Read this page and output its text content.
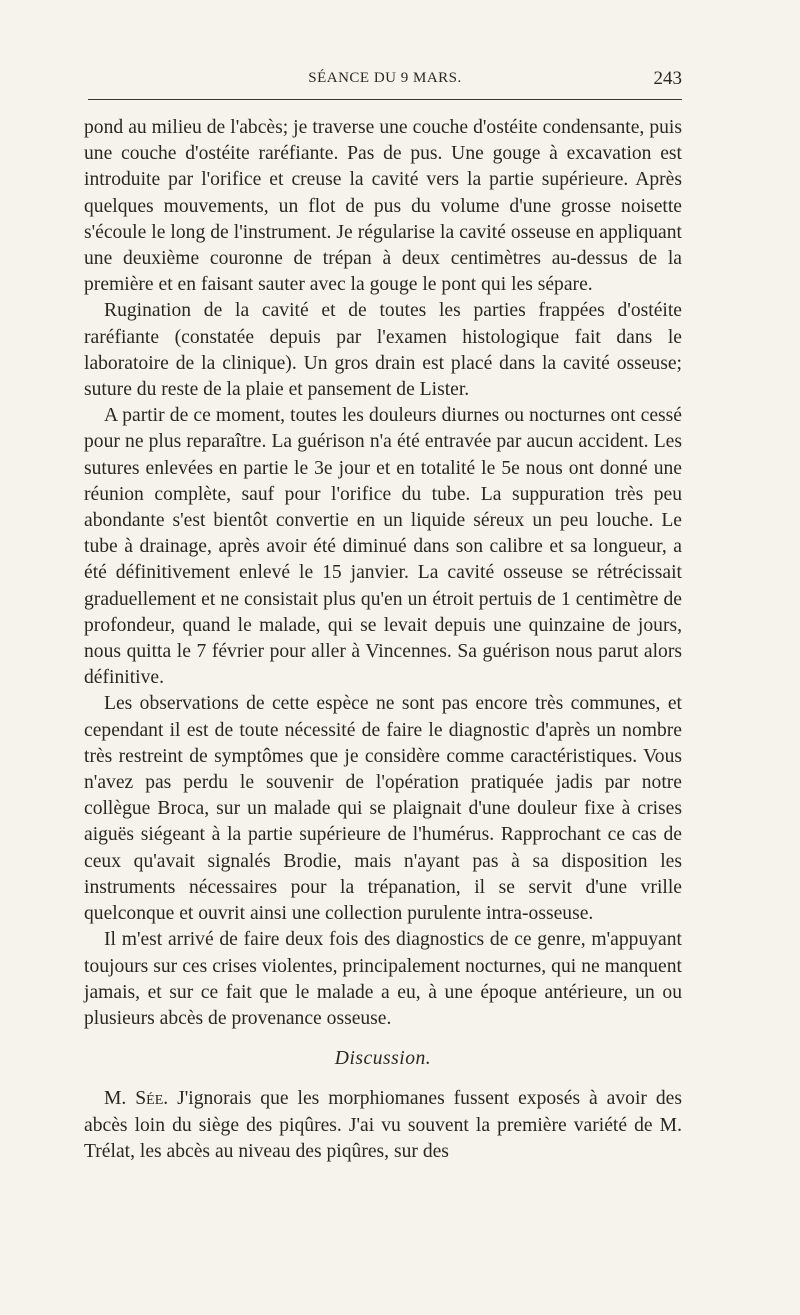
SÉANCE DU 9 MARS.	243

pond au milieu de l'abcès; je traverse une couche d'ostéite condensante, puis une couche d'ostéite raréfiante. Pas de pus. Une gouge à excavation est introduite par l'orifice et creuse la cavité vers la partie supérieure. Après quelques mouvements, un flot de pus du volume d'une grosse noisette s'écoule le long de l'instrument. Je régularise la cavité osseuse en appliquant une deuxième couronne de trépan à deux centimètres au-dessus de la première et en faisant sauter avec la gouge le pont qui les sépare.

Rugination de la cavité et de toutes les parties frappées d'ostéite raréfiante (constatée depuis par l'examen histologique fait dans le laboratoire de la clinique). Un gros drain est placé dans la cavité osseuse; suture du reste de la plaie et pansement de Lister.

A partir de ce moment, toutes les douleurs diurnes ou nocturnes ont cessé pour ne plus reparaître. La guérison n'a été entravée par aucun accident. Les sutures enlevées en partie le 3e jour et en totalité le 5e nous ont donné une réunion complète, sauf pour l'orifice du tube. La suppuration très peu abondante s'est bientôt convertie en un liquide séreux un peu louche. Le tube à drainage, après avoir été diminué dans son calibre et sa longueur, a été définitivement enlevé le 15 janvier. La cavité osseuse se rétrécissait graduellement et ne consistait plus qu'en un étroit pertuis de 1 centimètre de profondeur, quand le malade, qui se levait depuis une quinzaine de jours, nous quitta le 7 février pour aller à Vincennes. Sa guérison nous parut alors définitive.

Les observations de cette espèce ne sont pas encore très communes, et cependant il est de toute nécessité de faire le diagnostic d'après un nombre très restreint de symptômes que je considère comme caractéristiques. Vous n'avez pas perdu le souvenir de l'opération pratiquée jadis par notre collègue Broca, sur un malade qui se plaignait d'une douleur fixe à crises aiguës siégeant à la partie supérieure de l'humérus. Rapprochant ce cas de ceux qu'avait signalés Brodie, mais n'ayant pas à sa disposition les instruments nécessaires pour la trépanation, il se servit d'une vrille quelconque et ouvrit ainsi une collection purulente intra-osseuse.

Il m'est arrivé de faire deux fois des diagnostics de ce genre, m'appuyant toujours sur ces crises violentes, principalement nocturnes, qui ne manquent jamais, et sur ce fait que le malade a eu, à une époque antérieure, un ou plusieurs abcès de provenance osseuse.

Discussion.

M. Sée. J'ignorais que les morphiomanes fussent exposés à avoir des abcès loin du siège des piqûres. J'ai vu souvent la première variété de M. Trélat, les abcès au niveau des piqûres, sur des
